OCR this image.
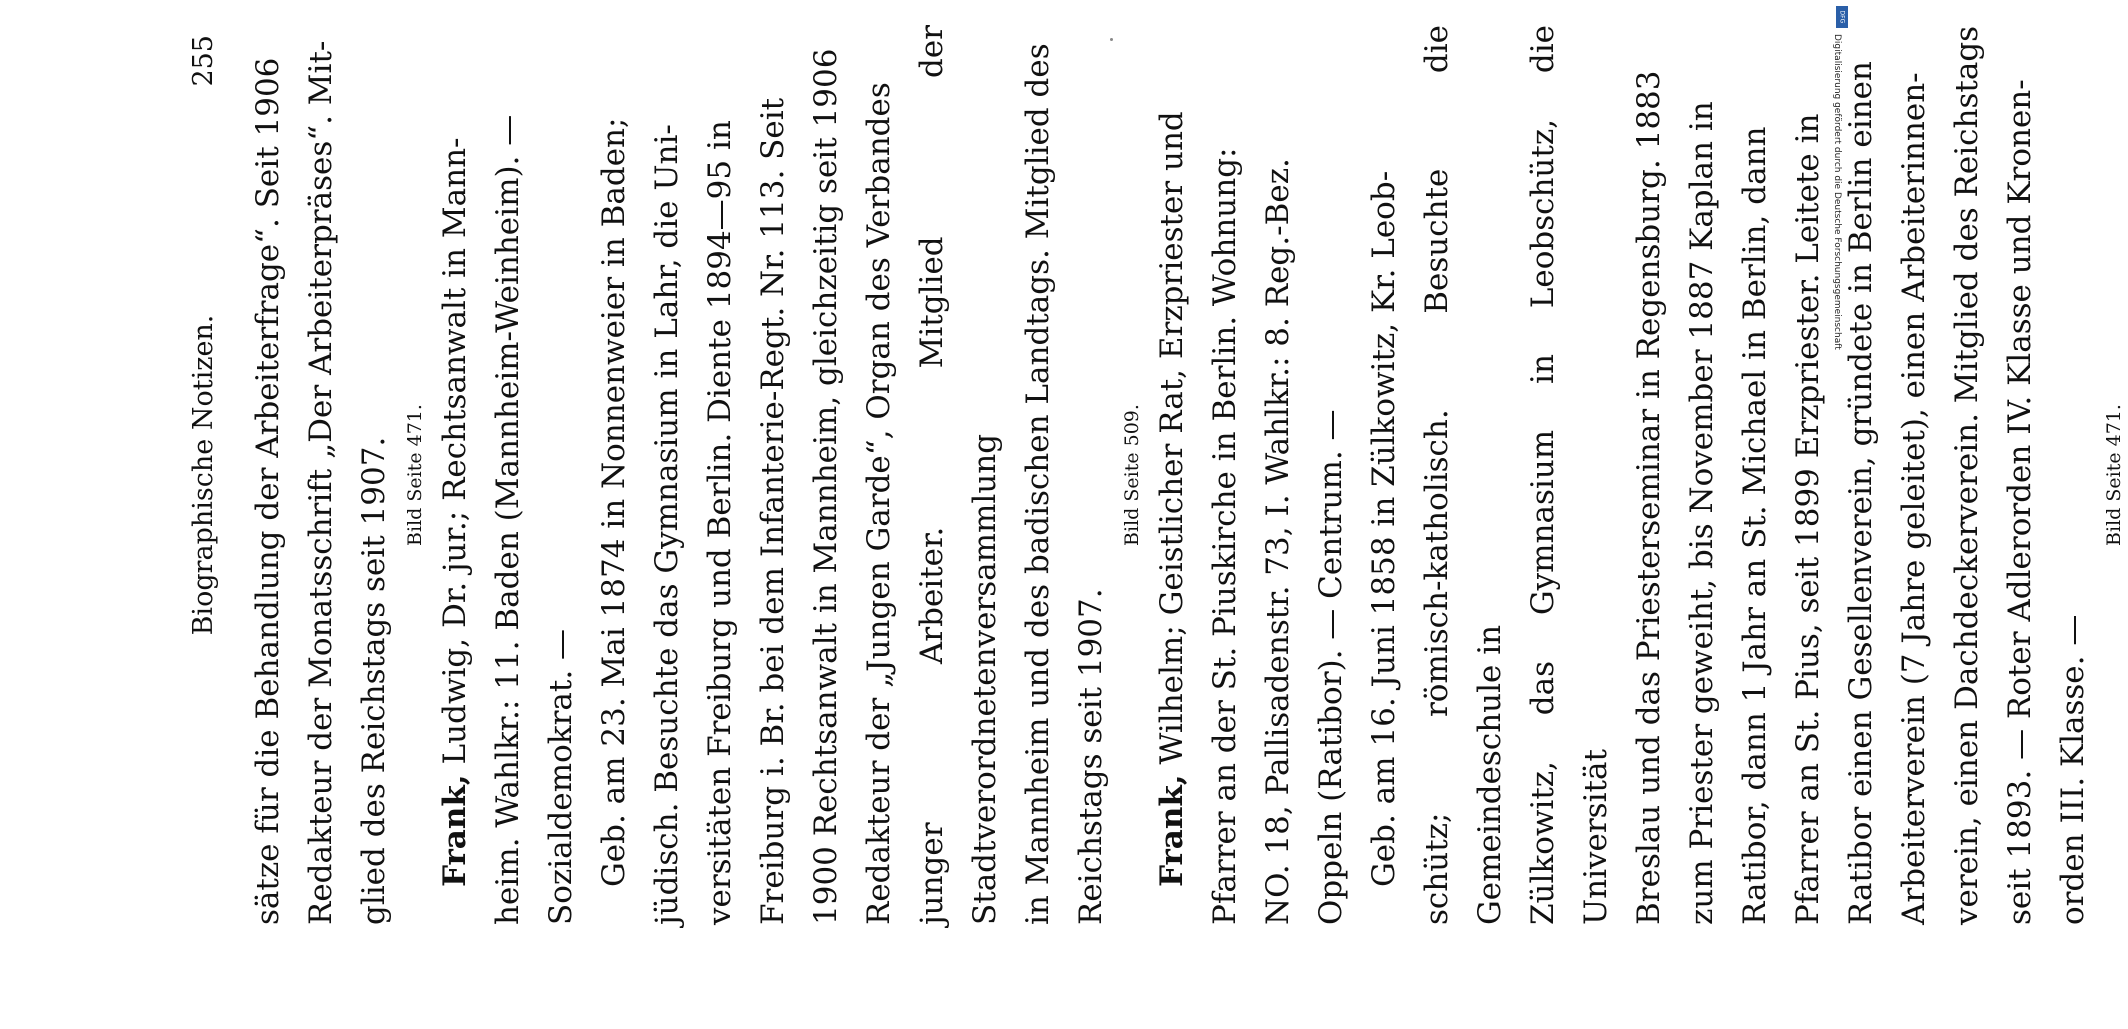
Biographische Notizen.
255 sätze für die Behandlung der Arbeiterfrage“. Seit 1906 Redakteur der Monatsschrift „Der Arbeiterpräses“. Mit- glied des Reichstags seit 1907. Bild Seite 471.

Frank, Ludwig, Dr. jur.; Rechtsanwalt in Mann- heim. Wahlkr.: 11. Baden (Mannheim-Weinheim). — Sozialdemokrat. — Geb. am 23. Mai 1874 in Nonnenweier in Baden; jüdisch. Besuchte das Gymnasium in Lahr, die Uni- versitäten Freiburg und Berlin. Diente 1894—95 in Freiburg i. Br. bei dem Infanterie-Regt. Nr. 113. Seit 1900 Rechtsanwalt in Mannheim, gleichzeitig seit 1906 Redakteur der „Jungen Garde“, Organ des Verbandes junger Arbeiter. Mitglied der Stadtverordnetenversammlung in Mannheim und des badischen Landtags. Mitglied des Reichstags seit 1907.

Bild Seite 509.

Frank, Wilhelm; Geistlicher Rat, Erzpriester und Pfarrer an der St. Piuskirche in Berlin. Wohnung: NO. 18, Pallisadenstr. 73, I. Wahlkr.: 8. Reg.-Bez. Oppeln (Ratibor). — Centrum. — Geb. am 16. Juni 1858 in Zülkowitz, Kr. Leob- schütz; römisch-katholisch. Besuchte die Gemeindeschule in Zülkowitz, das Gymnasium in Leobschütz, die Universität Breslau und das Priesterseminar in Regensburg. 1883 zum Priester geweiht, bis November 1887 Kaplan in Ratibor, dann 1 Jahr an St. Michael in Berlin, dann Pfarrer an St. Pius, seit 1899 Erzpriester. Leitete in Ratibor einen Gesellenverein, gründete in Berlin einen Arbeiterverein (7 Jahre geleitet), einen Arbeiterinnen- verein, einen Dachdeckerverein. Mitglied des Reichstags seit 1893. — Roter Adlerorden IV. Klasse und Kronen- orden III. Klasse. —

Bild Seite 471.

DFG
Digitalisierung gefördert durch die Deutsche Forschungsgemeinschaft
